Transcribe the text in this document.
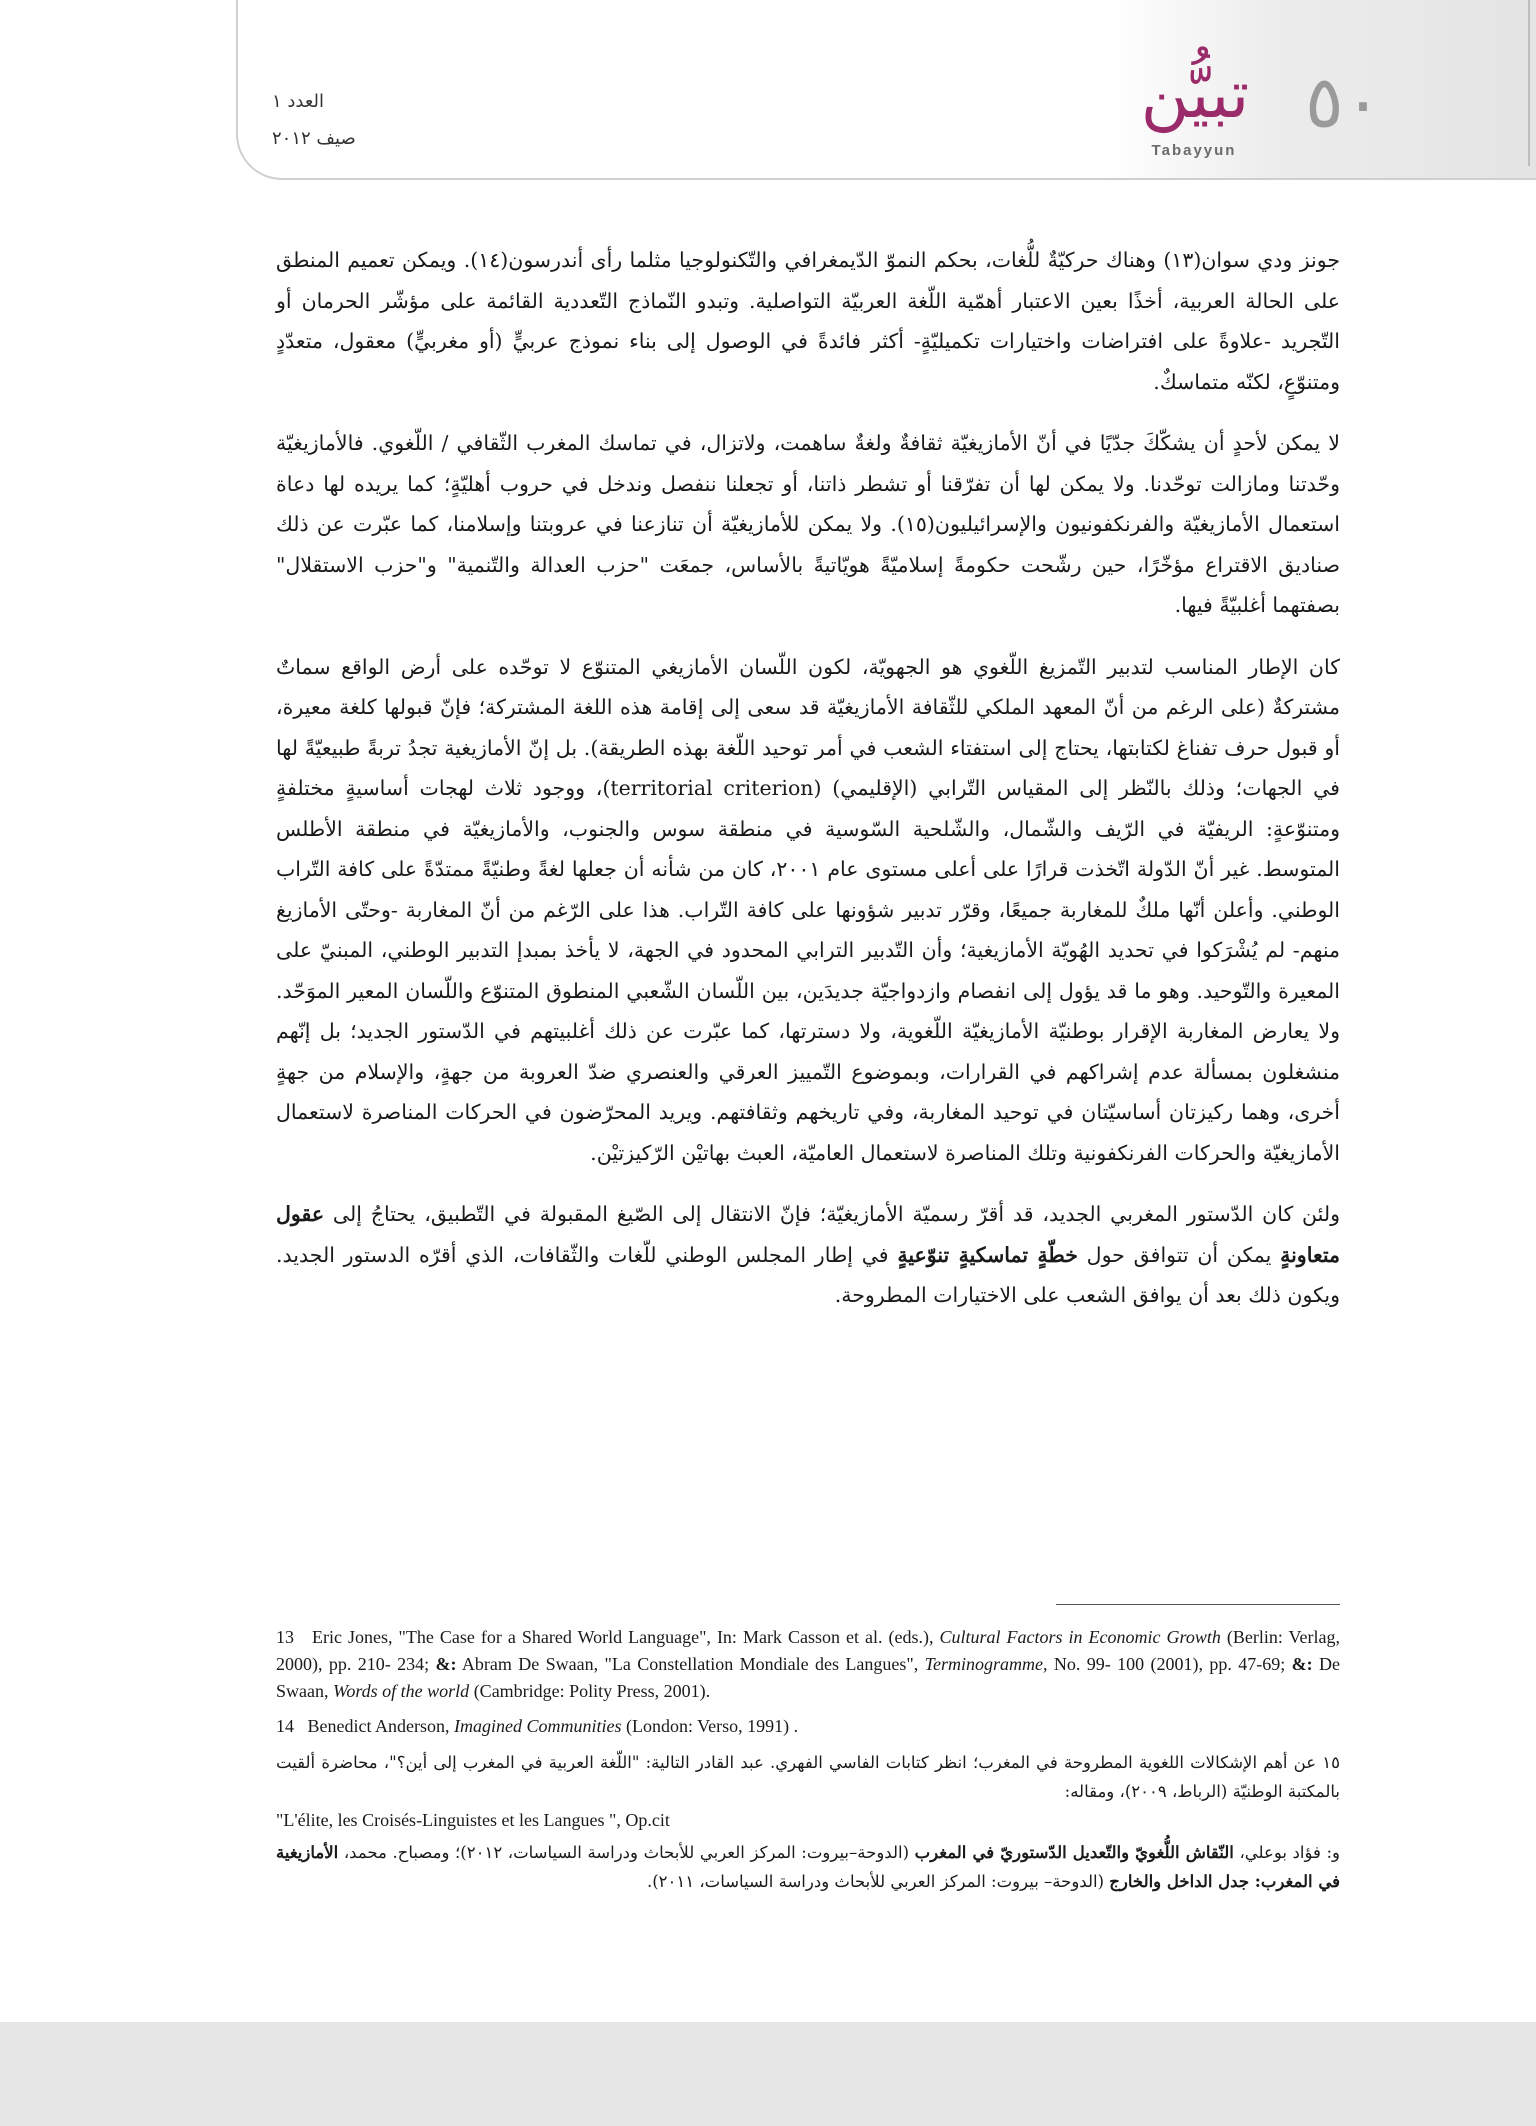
٥٠
تبيُّن
Tabayyun
العدد ١
صيف ٢٠١٢

جونز ودي سوان(١٣) وهناك حركيّةٌ للُّغات، بحكم النموّ الدّيمغرافي والتّكنولوجيا مثلما رأى أندرسون(١٤). ويمكن تعميم المنطق على الحالة العربية، أخذًا بعين الاعتبار أهمّية اللّغة العربيّة التواصلية. وتبدو النّماذج التّعددية القائمة على مؤشّر الحرمان أو التّجريد -علاوةً على افتراضات واختيارات تكميليّةٍ- أكثر فائدةً في الوصول إلى بناء نموذج عربيٍّ (أو مغربيٍّ) معقول، متعدّدٍ ومتنوّعٍ، لكنّه متماسكٌ.

لا يمكن لأحدٍ أن يشكّكَ جدّيًا في أنّ الأمازيغيّة ثقافةٌ ولغةٌ ساهمت، ولاتزال، في تماسك المغرب الثّقافي / اللّغوي. فالأمازيغيّة وحّدتنا ومازالت توحّدنا. ولا يمكن لها أن تفرّقنا أو تشطر ذاتنا، أو تجعلنا ننفصل وندخل في حروب أهليّةٍ؛ كما يريده لها دعاة استعمال الأمازيغيّة والفرنكفونيون والإسرائيليون(١٥). ولا يمكن للأمازيغيّة أن تنازعنا في عروبتنا وإسلامنا، كما عبّرت عن ذلك صناديق الاقتراع مؤخّرًا، حين رشّحت حكومةً إسلاميّةً هويّاتيةً بالأساس، جمعَت "حزب العدالة والتّنمية" و"حزب الاستقلال" بصفتهما أغلبيّةً فيها.

كان الإطار المناسب لتدبير التّمزيغ اللّغوي هو الجهويّة، لكون اللّسان الأمازيغي المتنوّع لا توحّده على أرض الواقع سماتٌ مشتركةٌ (على الرغم من أنّ المعهد الملكي للثّقافة الأمازيغيّة قد سعى إلى إقامة هذه اللغة المشتركة؛ فإنّ قبولها كلغة معيرة، أو قبول حرف تفناغ لكتابتها، يحتاج إلى استفتاء الشعب في أمر توحيد اللّغة بهذه الطريقة). بل إنّ الأمازيغية تجدُ تربةً طبيعيّةً لها في الجهات؛ وذلك بالنّظر إلى المقياس التّرابي (الإقليمي) (territorial criterion)، ووجود ثلاث لهجات أساسيةٍ مختلفةٍ ومتنوّعةٍ: الريفيّة في الرّيف والشّمال، والشّلحية السّوسية في منطقة سوس والجنوب، والأمازيغيّة في منطقة الأطلس المتوسط. غير أنّ الدّولة اتّخذت قرارًا على أعلى مستوى عام ٢٠٠١، كان من شأنه أن جعلها لغةً وطنيّةً ممتدّةً على كافة التّراب الوطني. وأعلن أنّها ملكٌ للمغاربة جميعًا، وقرّر تدبير شؤونها على كافة التّراب. هذا على الرّغم من أنّ المغاربة -وحتّى الأمازيغ منهم- لم يُشْرَكوا في تحديد الهُويّة الأمازيغية؛ وأن التّدبير الترابي المحدود في الجهة، لا يأخذ بمبدإ التدبير الوطني، المبنيّ على المعيرة والتّوحيد. وهو ما قد يؤول إلى انفصام وازدواجيّة جديدَين، بين اللّسان الشّعبي المنطوق المتنوّع واللّسان المعير الموَحّد. ولا يعارض المغاربة الإقرار بوطنيّة الأمازيغيّة اللّغوية، ولا دسترتها، كما عبّرت عن ذلك أغلبيتهم في الدّستور الجديد؛ بل إنّهم منشغلون بمسألة عدم إشراكهم في القرارات، وبموضوع التّمييز العرقي والعنصري ضدّ العروبة من جهةٍ، والإسلام من جهةٍ أخرى، وهما ركيزتان أساسيّتان في توحيد المغاربة، وفي تاريخهم وثقافتهم. ويريد المحرّضون في الحركات المناصرة لاستعمال الأمازيغيّة والحركات الفرنكفونية وتلك المناصرة لاستعمال العاميّة، العبث بهاتيْن الرّكيزتيْن.

ولئن كان الدّستور المغربي الجديد، قد أقرّ رسميّة الأمازيغيّة؛ فإنّ الانتقال إلى الصّيغ المقبولة في التّطبيق، يحتاجُ إلى عقول متعاونةٍ يمكن أن تتوافق حول خطّةٍ تماسكيةٍ تنوّعيةٍ في إطار المجلس الوطني للّغات والثّقافات، الذي أقرّه الدستور الجديد. ويكون ذلك بعد أن يوافق الشعب على الاختيارات المطروحة.

13 Eric Jones, "The Case for a Shared World Language", In: Mark Casson et al. (eds.), Cultural Factors in Economic Growth (Berlin: Verlag, 2000), pp. 210- 234; &: Abram De Swaan, "La Constellation Mondiale des Langues", Terminogramme, No. 99- 100 (2001), pp. 47-69; &: De Swaan, Words of the world (Cambridge: Polity Press, 2001).

14 Benedict Anderson, Imagined Communities (London: Verso, 1991) .

١٥ عن أهم الإشكالات اللغوية المطروحة في المغرب؛ انظر كتابات الفاسي الفهري. عبد القادر التالية: "اللّغة العربية في المغرب إلى أين؟"، محاضرة ألقيت بالمكتبة الوطنيّة (الرباط، ٢٠٠٩)، ومقاله:

"L'élite, les Croisés-Linguistes et les Langues ", Op.cit

و: فؤاد بوعلي، النّقاش اللُّغويّ والتّعديل الدّستوريّ في المغرب (الدوحة–بيروت: المركز العربي للأبحاث ودراسة السياسات، ٢٠١٢)؛ ومصباح. محمد، الأمازيغية في المغرب: جدل الداخل والخارج (الدوحة– بيروت: المركز العربي للأبحاث ودراسة السياسات، ٢٠١١).
